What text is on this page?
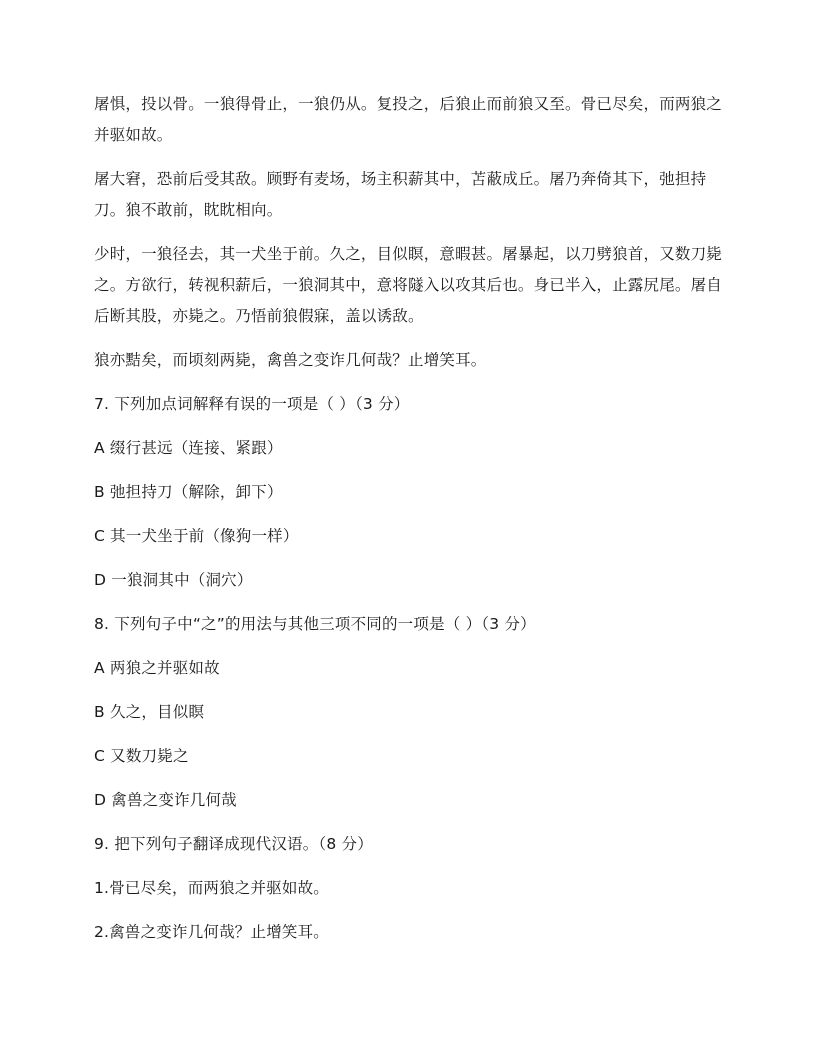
屠惧，投以骨。一狼得骨止，一狼仍从。复投之，后狼止而前狼又至。骨已尽矣，而两狼之并驱如故。

屠大窘，恐前后受其敌。顾野有麦场，场主积薪其中，苫蔽成丘。屠乃奔倚其下，弛担持刀。狼不敢前，眈眈相向。

少时，一狼径去，其一犬坐于前。久之，目似瞑，意暇甚。屠暴起，以刀劈狼首，又数刀毙之。方欲行，转视积薪后，一狼洞其中，意将隧入以攻其后也。身已半入，止露尻尾。屠自后断其股，亦毙之。乃悟前狼假寐，盖以诱敌。

狼亦黠矣，而顷刻两毙，禽兽之变诈几何哉？止增笑耳。

7. 下列加点词解释有误的一项是（ ）（3 分）

A 缀行甚远（连接、紧跟）

B 弛担持刀（解除，卸下）

C 其一犬坐于前（像狗一样）

D 一狼洞其中（洞穴）

8. 下列句子中“之”的用法与其他三项不同的一项是（ ）（3 分）

A 两狼之并驱如故

B 久之，目似瞑

C 又数刀毙之

D 禽兽之变诈几何哉

9. 把下列句子翻译成现代汉语。（8 分）

1.骨已尽矣，而两狼之并驱如故。

2.禽兽之变诈几何哉？止增笑耳。
